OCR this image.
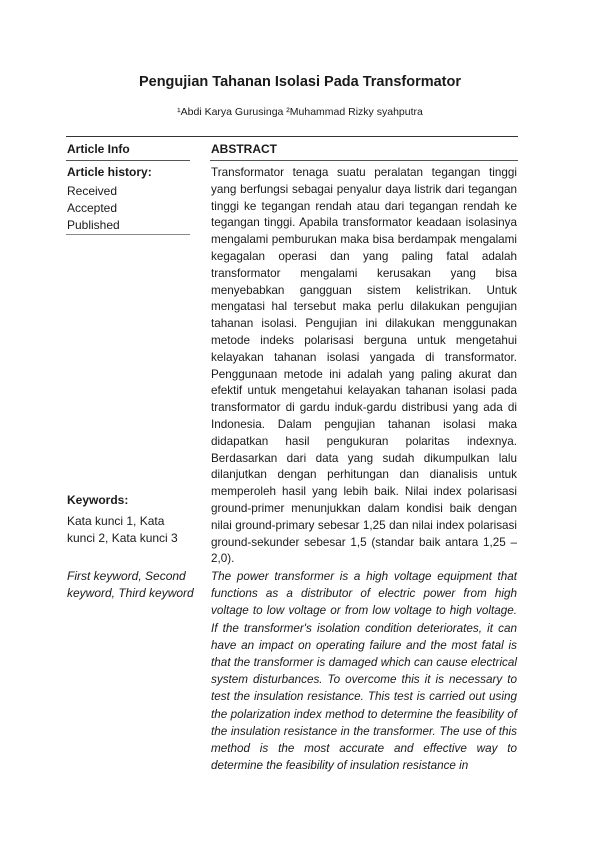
Pengujian Tahanan Isolasi Pada Transformator
¹Abdi Karya Gurusinga ²Muhammad Rizky syahputra
Article Info	ABSTRACT
Article history:
Received
Accepted
Published

Transformator tenaga suatu peralatan tegangan tinggi yang berfungsi sebagai penyalur daya listrik dari tegangan tinggi ke tegangan rendah atau dari tegangan rendah ke tegangan tinggi. Apabila transformator keadaan isolasinya mengalami pemburukan maka bisa berdampak mengalami kegagalan operasi dan yang paling fatal adalah transformator mengalami kerusakan yang bisa menyebabkan gangguan sistem kelistrikan. Untuk mengatasi hal tersebut maka perlu dilakukan pengujian tahanan isolasi. Pengujian ini dilakukan menggunakan metode indeks polarisasi berguna untuk mengetahui kelayakan tahanan isolasi yangada di transformator. Penggunaan metode ini adalah yang paling akurat dan efektif untuk mengetahui kelayakan tahanan isolasi pada transformator di gardu induk-gardu distribusi yang ada di Indonesia. Dalam pengujian tahanan isolasi maka didapatkan hasil pengukuran polaritas indexnya. Berdasarkan dari data yang sudah dikumpulkan lalu dilanjutkan dengan perhitungan dan dianalisis untuk memperoleh hasil yang lebih baik. Nilai index polarisasi ground-primer menunjukkan dalam kondisi baik dengan nilai ground-primary sebesar 1,25 dan nilai index polarisasi ground-sekunder sebesar 1,5 (standar baik antara 1,25 – 2,0).

Keywords:
Kata kunci 1, Kata kunci 2, Kata kunci 3
First keyword, Second keyword, Third keyword

The power transformer is a high voltage equipment that functions as a distributor of electric power from high voltage to low voltage or from low voltage to high voltage. If the transformer's isolation condition deteriorates, it can have an impact on operating failure and the most fatal is that the transformer is damaged which can cause electrical system disturbances. To overcome this it is necessary to test the insulation resistance. This test is carried out using the polarization index method to determine the feasibility of the insulation resistance in the transformer. The use of this method is the most accurate and effective way to determine the feasibility of insulation resistance in
